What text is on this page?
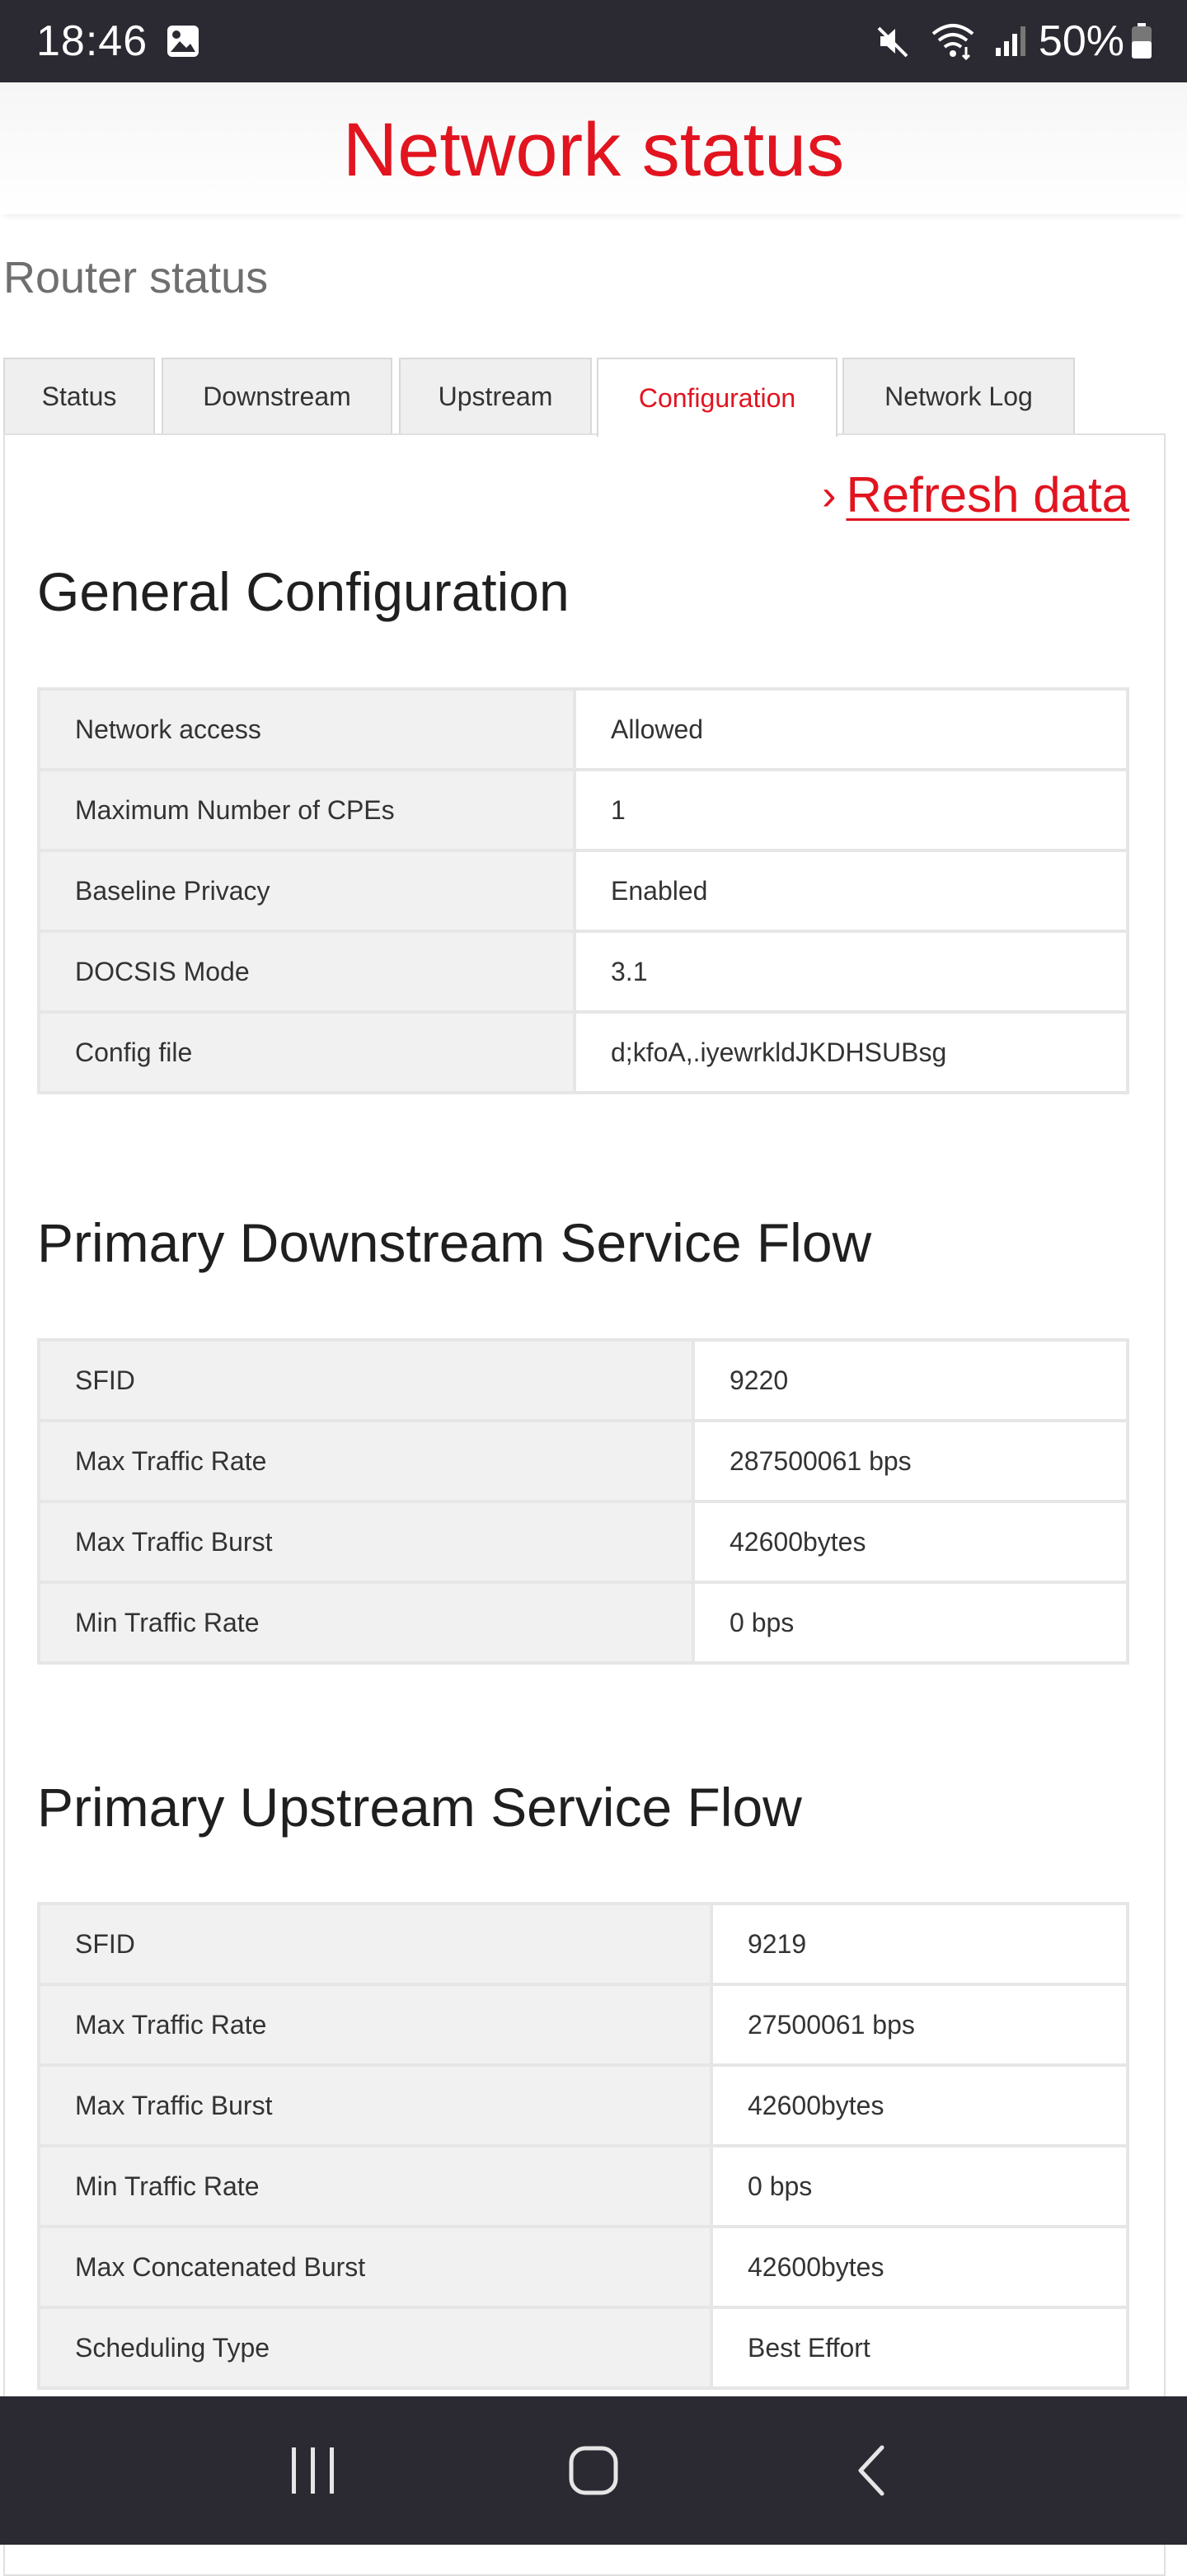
18:46	50%
Network status
Router status
Status	Downstream	Upstream	Configuration	Network Log
› Refresh data
General Configuration
Network access	Allowed
Maximum Number of CPEs	1
Baseline Privacy	Enabled
DOCSIS Mode	3.1
Config file	d;kfoA,.iyewrkldJKDHSUBsg
Primary Downstream Service Flow
SFID	9220
Max Traffic Rate	287500061 bps
Max Traffic Burst	42600bytes
Min Traffic Rate	0 bps
Primary Upstream Service Flow
SFID	9219
Max Traffic Rate	27500061 bps
Max Traffic Burst	42600bytes
Min Traffic Rate	0 bps
Max Concatenated Burst	42600bytes
Scheduling Type	Best Effort
